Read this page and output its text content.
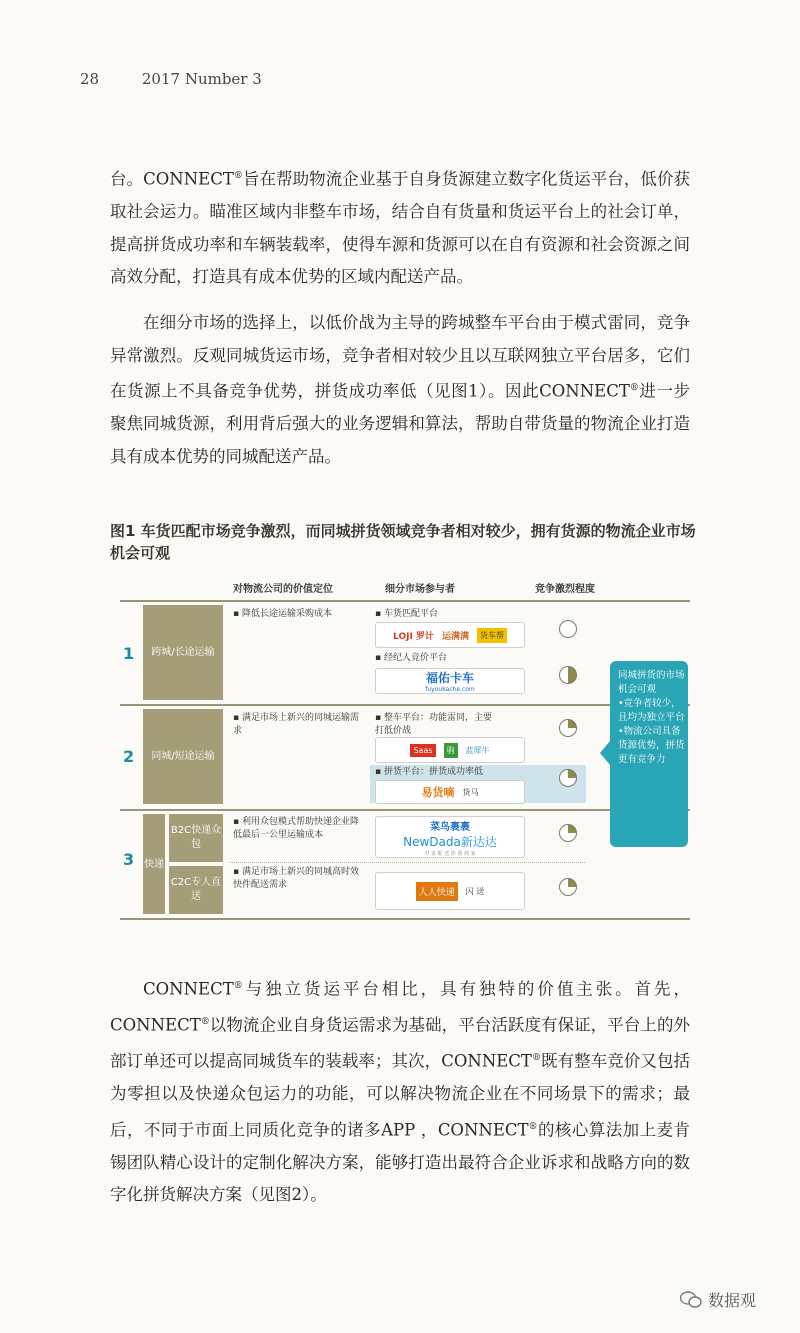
28	2017 Number 3

台。CONNECT®旨在帮助物流企业基于自身货源建立数字化货运平台，低价获取社会运力。瞄准区域内非整车市场，结合自有货量和货运平台上的社会订单，提高拼货成功率和车辆装载率，使得车源和货源可以在自有资源和社会资源之间高效分配，打造具有成本优势的区域内配送产品。

在细分市场的选择上，以低价战为主导的跨城整车平台由于模式雷同，竞争异常激烈。反观同城货运市场，竞争者相对较少且以互联网独立平台居多，它们在货源上不具备竞争优势，拼货成功率低（见图1）。因此CONNECT®进一步聚焦同城货源，利用背后强大的业务逻辑和算法，帮助自带货量的物流企业打造具有成本优势的同城配送产品。

图1 车货匹配市场竞争激烈，而同城拼货领域竞争者相对较少，拥有货源的物流企业市场机会可观
对物流公司的价值定位	细分市场参与者	竞争激烈程度
1	跨城/长途运输
▪ 降低长途运输采购成本	▪ 车货匹配平台
LOJI 罗计 运满满	货车帮
▪ 经纪人竞价平台
福佑卡车
fuyoukache.com
2	同城/短途运输
▪ 满足市场上新兴的同城运输需求
▪ 整车平台：功能雷同，主要打低价战
Saas	驹	蓝犀牛
▪ 拼货平台：拼货成功率低
易货嘀 货马
3 快递
B2C快递众包
C2C专人直送
▪ 利用众包模式帮助快递企业降低最后一公里运输成本
▪ 满足市场上新兴的同城高时效快件配送需求
菜鸟裹裹
NewDada新达达
对 责 配 送 你 我 到 家
人人快递	闪 送
同城拼货的市场机会可观
•竞争者较少，且均为独立平台
•物流公司具备货源优势，拼货更有竞争力

CONNECT®与独立货运平台相比，具有独特的价值主张。首先，CONNECT®以物流企业自身货运需求为基础，平台活跃度有保证，平台上的外部订单还可以提高同城货车的装载率；其次，CONNECT®既有整车竞价又包括为零担以及快递众包运力的功能，可以解决物流企业在不同场景下的需求；最后，不同于市面上同质化竞争的诸多APP ，CONNECT®的核心算法加上麦肯锡团队精心设计的定制化解决方案，能够打造出最符合企业诉求和战略方向的数字化拼货解决方案（见图2）。

数据观
